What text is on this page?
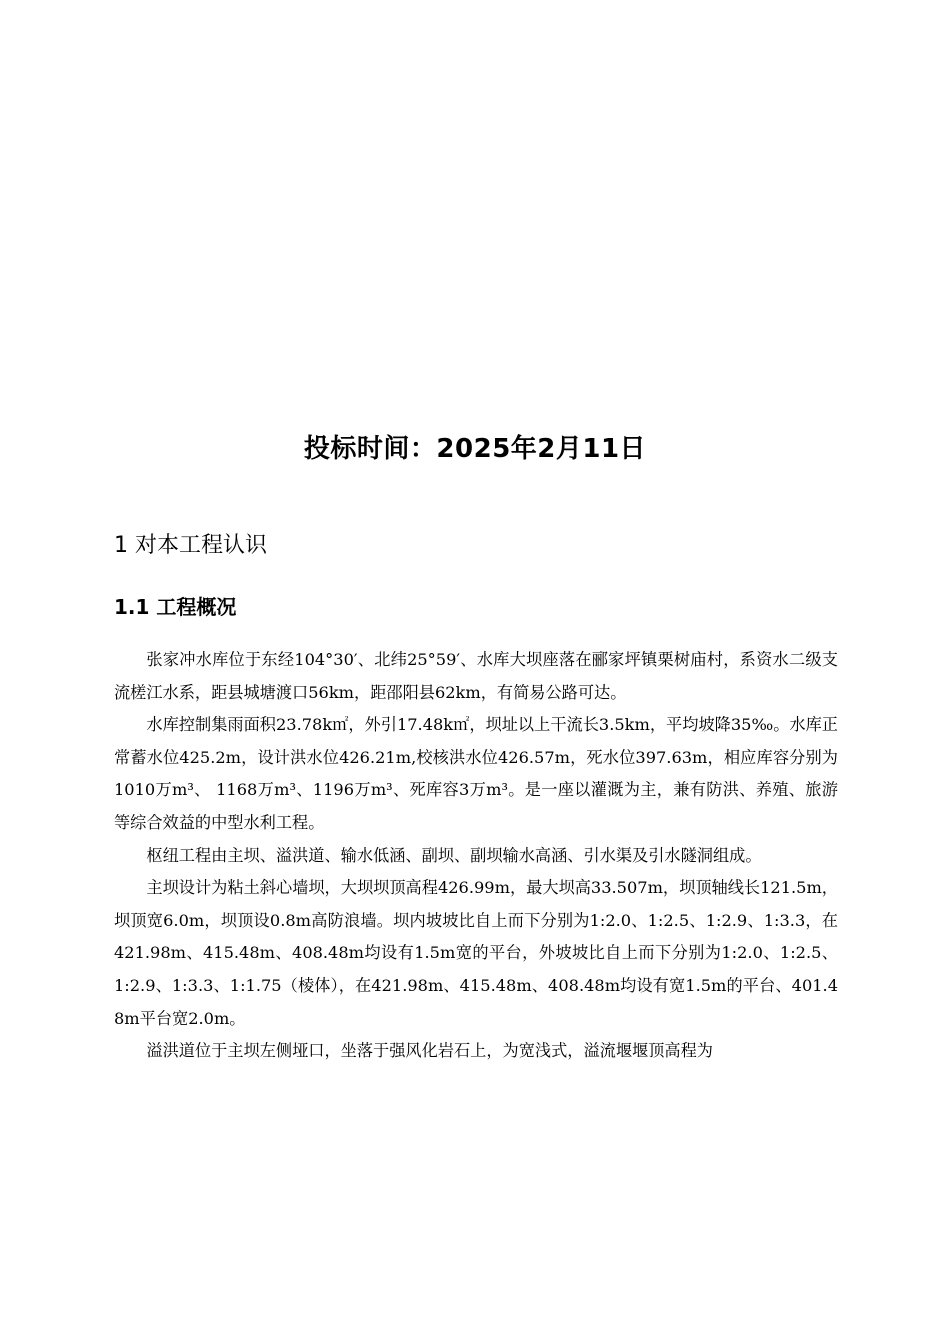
投标时间：2025年2月11日
1 对本工程认识
1.1 工程概况

张家冲水库位于东经104°30′、北纬25°59′、水库大坝座落在郦家坪镇栗树庙村，系资水二级支流槎江水系，距县城塘渡口56km，距邵阳县62km，有简易公路可达。

水库控制集雨面积23.78k㎡，外引17.48k㎡，坝址以上干流长3.5km，平均坡降35‰。水库正常蓄水位425.2m，设计洪水位426.21m,校核洪水位426.57m，死水位397.63m，相应库容分别为1010万m³、 1168万m³、1196万m³、死库容3万m³。是一座以灌溉为主，兼有防洪、养殖、旅游等综合效益的中型水利工程。

枢纽工程由主坝、溢洪道、输水低涵、副坝、副坝输水高涵、引水渠及引水隧洞组成。

主坝设计为粘土斜心墙坝，大坝坝顶高程426.99m，最大坝高33.507m，坝顶轴线长121.5m，坝顶宽6.0m，坝顶设0.8m高防浪墙。坝内坡坡比自上而下分别为1:2.0、1:2.5、1:2.9、1:3.3，在421.98m、415.48m、408.48m均设有1.5m宽的平台，外坡坡比自上而下分别为1:2.0、1:2.5、1:2.9、1:3.3、1:1.75（棱体），在421.98m、415.48m、408.48m均设有宽1.5m的平台、401.48m平台宽2.0m。

溢洪道位于主坝左侧垭口，坐落于强风化岩石上，为宽浅式，溢流堰堰顶高程为
